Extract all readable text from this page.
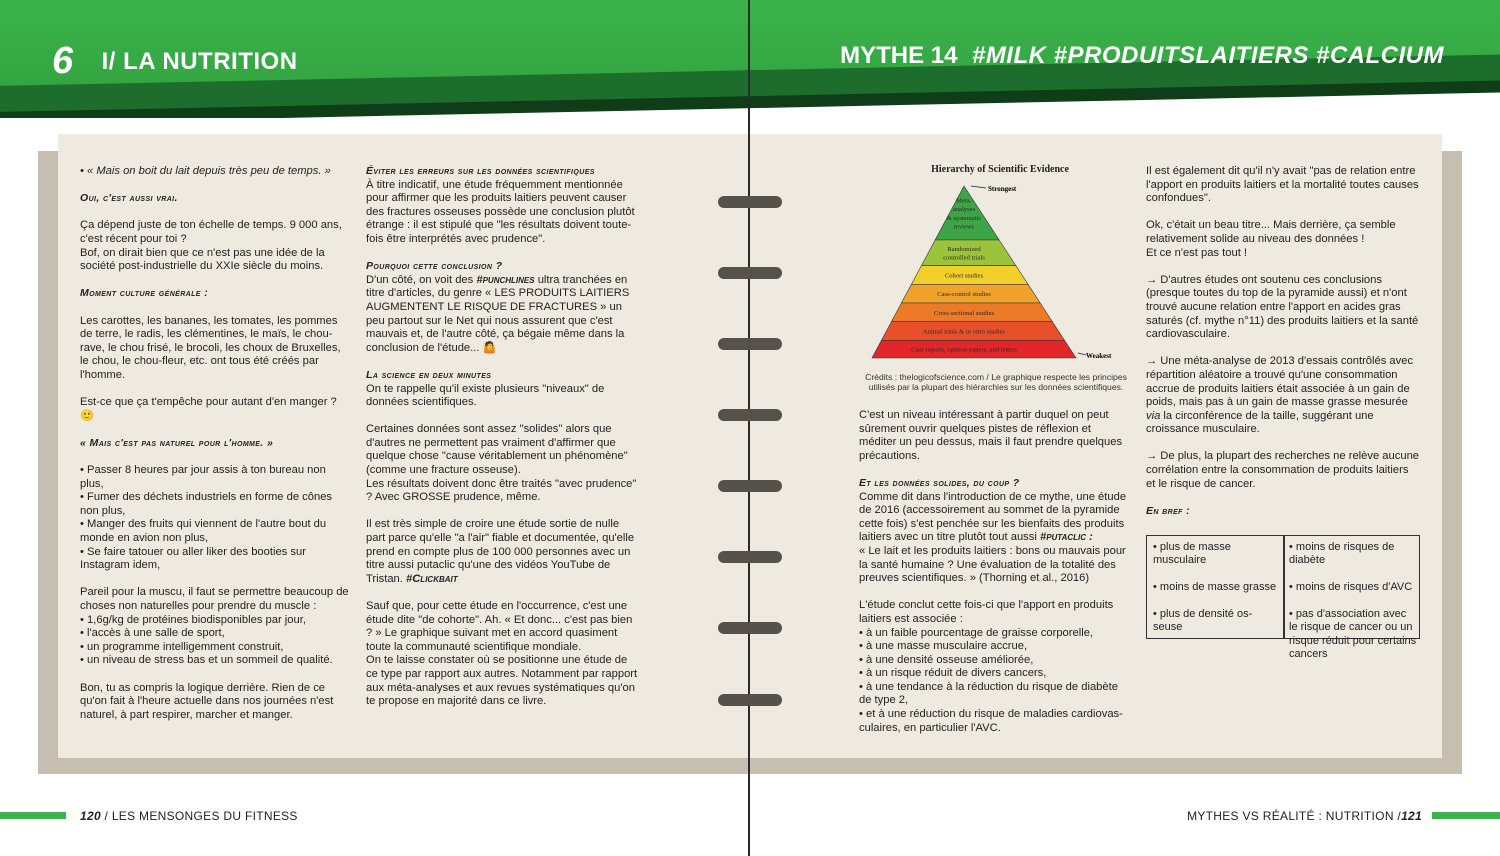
6 I/ LA NUTRITION	MYTHE 14 #MILK #PRODUITSLAITIERS #CALCIUM

• « Mais on boit du lait depuis très peu de temps. »

Oui, c'est aussi vrai.

Ça dépend juste de ton échelle de temps. 9 000 ans, c'est récent pour toi ?
Bof, on dirait bien que ce n'est pas une idée de la société post-industrielle du XXIe siècle du moins.

Moment culture générale :

Les carottes, les bananes, les tomates, les pommes de terre, le radis, les clémentines, le maïs, le chou-rave, le chou frisé, le brocoli, les choux de Bruxelles, le chou, le chou-fleur, etc. ont tous été créés par l'homme.

Est-ce que ça t'empêche pour autant d'en manger ? 🙂

« Mais c'est pas naturel pour l'homme. »

• Passer 8 heures par jour assis à ton bureau non plus,
• Fumer des déchets industriels en forme de cônes non plus,
• Manger des fruits qui viennent de l'autre bout du monde en avion non plus,
• Se faire tatouer ou aller liker des booties sur Instagram idem,

Pareil pour la muscu, il faut se permettre beaucoup de choses non naturelles pour prendre du muscle :
• 1,6g/kg de protéines biodisponibles par jour,
• l'accès à une salle de sport,
• un programme intelligemment construit,
• un niveau de stress bas et un sommeil de qualité.

Bon, tu as compris la logique derrière. Rien de ce qu'on fait à l'heure actuelle dans nos journées n'est naturel, à part respirer, marcher et manger.

Éviter les erreurs sur les données scientifiques

À titre indicatif, une étude fréquemment mentionnée pour affirmer que les produits laitiers peuvent causer des fractures osseuses possède une conclusion plutôt étrange : il est stipulé que "les résultats doivent toute-fois être interprétés avec prudence".

Pourquoi cette conclusion ?

D'un côté, on voit des #punchlines ultra tranchées en titre d'articles, du genre « LES PRODUITS LAITIERS AUGMENTENT LE RISQUE DE FRACTURES » un peu partout sur le Net qui nous assurent que c'est mauvais et, de l'autre côté, ça bégaie même dans la conclusion de l'étude... 🤷

La science en deux minutes

On te rappelle qu'il existe plusieurs "niveaux" de données scientifiques.

Certaines données sont assez "solides" alors que d'autres ne permettent pas vraiment d'affirmer que quelque chose "cause véritablement un phénomène" (comme une fracture osseuse).
Les résultats doivent donc être traités "avec prudence" ? Avec GROSSE prudence, même.

Il est très simple de croire une étude sortie de nulle part parce qu'elle "a l'air" fiable et documentée, qu'elle prend en compte plus de 100 000 personnes avec un titre aussi putaclic qu'une des vidéos YouTube de Tristan. #Clickbait

Sauf que, pour cette étude en l'occurrence, c'est une étude dite "de cohorte". Ah. « Et donc... c'est pas bien ? » Le graphique suivant met en accord quasiment toute la communauté scientifique mondiale.
On te laisse constater où se positionne une étude de ce type par rapport aux autres. Notamment par rapport aux méta-analyses et aux revues systématiques qu'on te propose en majorité dans ce livre.

Hierarchy of Scientific Evidence
Meta-
analyses
& systematic
reviews
Randomized
controlled trials
Cohort studies
Case-control studies
Cross sectional studies
Animal trials & in vitro studies
Case reports, opinion papers, and letters
Strongest
Weakest
Crédits : thelogicofscience.com / Le graphique respecte les principes utilisés par la plupart des hiérarchies sur les données scientifiques.

C'est un niveau intéressant à partir duquel on peut sûrement ouvrir quelques pistes de réflexion et méditer un peu dessus, mais il faut prendre quelques précautions.

Et les données solides, du coup ?

Comme dit dans l'introduction de ce mythe, une étude de 2016 (accessoirement au sommet de la pyramide cette fois) s'est penchée sur les bienfaits des produits laitiers avec un titre plutôt tout aussi #putaclic :
« Le lait et les produits laitiers : bons ou mauvais pour la santé humaine ? Une évaluation de la totalité des preuves scientifiques. » (Thorning et al., 2016)

L'étude conclut cette fois-ci que l'apport en produits laitiers est associée :
• à un faible pourcentage de graisse corporelle,
• à une masse musculaire accrue,
• à une densité osseuse améliorée,
• à un risque réduit de divers cancers,
• à une tendance à la réduction du risque de diabète de type 2,
• et à une réduction du risque de maladies cardiovas-culaires, en particulier l'AVC.

Il est également dit qu'il n'y avait "pas de relation entre l'apport en produits laitiers et la mortalité toutes causes confondues".

Ok, c'était un beau titre... Mais derrière, ça semble relativement solide au niveau des données !
Et ce n'est pas tout !

→ D'autres études ont soutenu ces conclusions (presque toutes du top de la pyramide aussi) et n'ont trouvé aucune relation entre l'apport en acides gras saturés (cf. mythe n°11) des produits laitiers et la santé cardiovasculaire.

→ Une méta-analyse de 2013 d'essais contrôlés avec répartition aléatoire a trouvé qu'une consommation accrue de produits laitiers était associée à un gain de poids, mais pas à un gain de masse grasse mesurée via la circonférence de la taille, suggérant une croissance musculaire.

→ De plus, la plupart des recherches ne relève aucune corrélation entre la consommation de produits laitiers et le risque de cancer.

En bref :
• plus de masse musculaire
• moins de masse grasse
• plus de densité os-seuse
• moins de risques de diabète
• moins de risques d'AVC
• pas d'association avec le risque de cancer ou un risque réduit pour certains cancers
120 / LES MENSONGES DU FITNESS	MYTHES VS RÉALITÉ : NUTRITION /121
